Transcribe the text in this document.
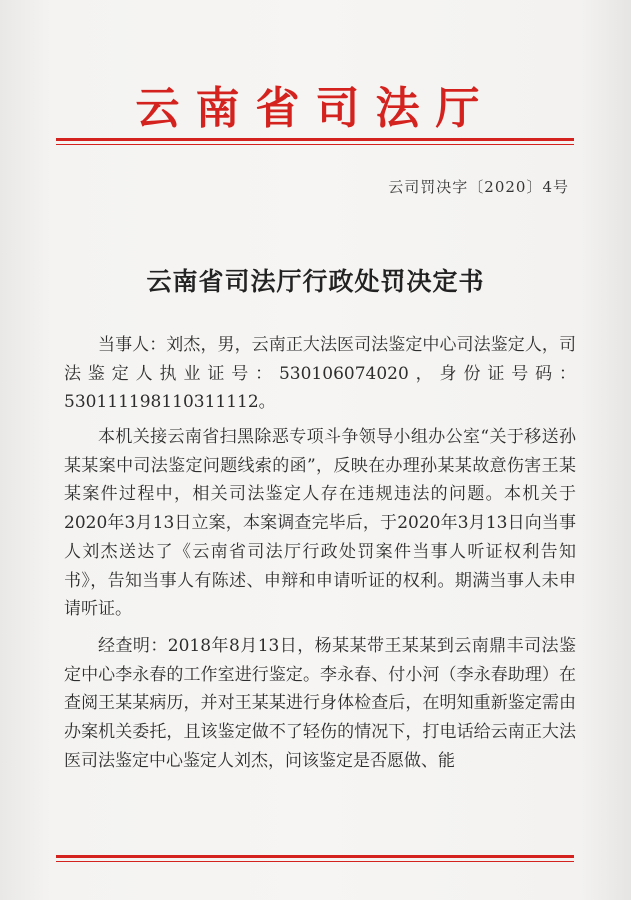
云南省司法厅
云司罚决字〔2020〕4号
云南省司法厅行政处罚决定书

当事人：刘杰，男，云南正大法医司法鉴定中心司法鉴定人，司法鉴定人执业证号：530106074020，身份证号码：530111198110311112。

本机关接云南省扫黑除恶专项斗争领导小组办公室“关于移送孙某某案中司法鉴定问题线索的函”，反映在办理孙某某故意伤害王某某案件过程中，相关司法鉴定人存在违规违法的问题。本机关于2020年3月13日立案，本案调查完毕后，于2020年3月13日向当事人刘杰送达了《云南省司法厅行政处罚案件当事人听证权利告知书》，告知当事人有陈述、申辩和申请听证的权利。期满当事人未申请听证。

经查明：2018年8月13日，杨某某带王某某到云南鼎丰司法鉴定中心李永春的工作室进行鉴定。李永春、付小河（李永春助理）在查阅王某某病历，并对王某某进行身体检查后，在明知重新鉴定需由办案机关委托，且该鉴定做不了轻伤的情况下，打电话给云南正大法医司法鉴定中心鉴定人刘杰，问该鉴定是否愿做、能
